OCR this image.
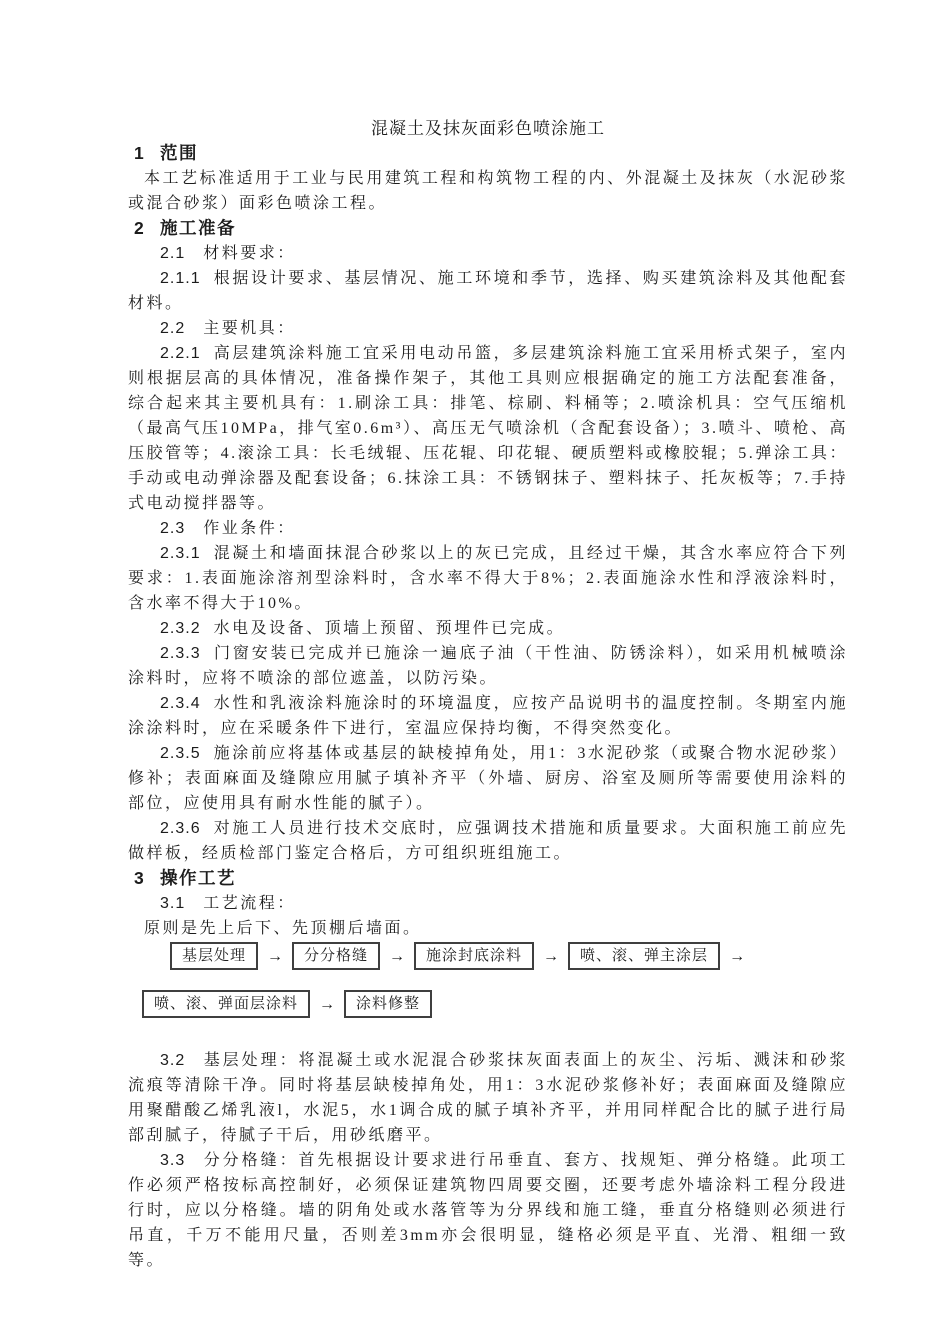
混凝土及抹灰面彩色喷涂施工
1 范围

本工艺标准适用于工业与民用建筑工程和构筑物工程的内、外混凝土及抹灰（水泥砂浆或混合砂浆）面彩色喷涂工程。

2 施工准备

2.1 材料要求：

2.1.1 根据设计要求、基层情况、施工环境和季节，选择、购买建筑涂料及其他配套材料。

2.2 主要机具：

2.2.1 高层建筑涂料施工宜采用电动吊篮，多层建筑涂料施工宜采用桥式架子，室内则根据层高的具体情况，准备操作架子，其他工具则应根据确定的施工方法配套准备，综合起来其主要机具有：1.刷涂工具：排笔、棕刷、料桶等；2.喷涂机具：空气压缩机（最高气压10MPa，排气室0.6m³）、高压无气喷涂机（含配套设备）；3.喷斗、喷枪、高压胶管等；4.滚涂工具：长毛绒辊、压花辊、印花辊、硬质塑料或橡胶辊；5.弹涂工具：手动或电动弹涂器及配套设备；6.抹涂工具：不锈钢抹子、塑料抹子、托灰板等；7.手持式电动搅拌器等。

2.3 作业条件：

2.3.1 混凝土和墙面抹混合砂浆以上的灰已完成，且经过干燥，其含水率应符合下列要求：1.表面施涂溶剂型涂料时，含水率不得大于8%；2.表面施涂水性和浮液涂料时，含水率不得大于10%。

2.3.2 水电及设备、顶墙上预留、预埋件已完成。

2.3.3 门窗安装已完成并已施涂一遍底子油（干性油、防锈涂料），如采用机械喷涂涂料时，应将不喷涂的部位遮盖，以防污染。

2.3.4 水性和乳液涂料施涂时的环境温度，应按产品说明书的温度控制。冬期室内施涂涂料时，应在采暖条件下进行，室温应保持均衡，不得突然变化。

2.3.5 施涂前应将基体或基层的缺棱掉角处，用1：3水泥砂浆（或聚合物水泥砂浆）修补；表面麻面及缝隙应用腻子填补齐平（外墙、厨房、浴室及厕所等需要使用涂料的部位，应使用具有耐水性能的腻子）。

2.3.6 对施工人员进行技术交底时，应强调技术措施和质量要求。大面积施工前应先做样板，经质检部门鉴定合格后，方可组织班组施工。

3 操作工艺

3.1 工艺流程：

原则是先上后下、先顶棚后墙面。

基层处理	→	分分格缝	→	施涂封底涂料	→	喷、滚、弹主涂层	→
喷、滚、弹面层涂料	→	涂料修整

3.2 基层处理：将混凝土或水泥混合砂浆抹灰面表面上的灰尘、污垢、溅沫和砂浆流痕等清除干净。同时将基层缺棱掉角处，用1：3水泥砂浆修补好；表面麻面及缝隙应用聚醋酸乙烯乳液l，水泥5，水1调合成的腻子填补齐平，并用同样配合比的腻子进行局部刮腻子，待腻子干后，用砂纸磨平。

3.3 分分格缝：首先根据设计要求进行吊垂直、套方、找规矩、弹分格缝。此项工作必须严格按标高控制好，必须保证建筑物四周要交圈，还要考虑外墙涂料工程分段进行时，应以分格缝。墙的阴角处或水落管等为分界线和施工缝，垂直分格缝则必须进行吊直，千万不能用尺量，否则差3mm亦会很明显，缝格必须是平直、光滑、粗细一致等。
